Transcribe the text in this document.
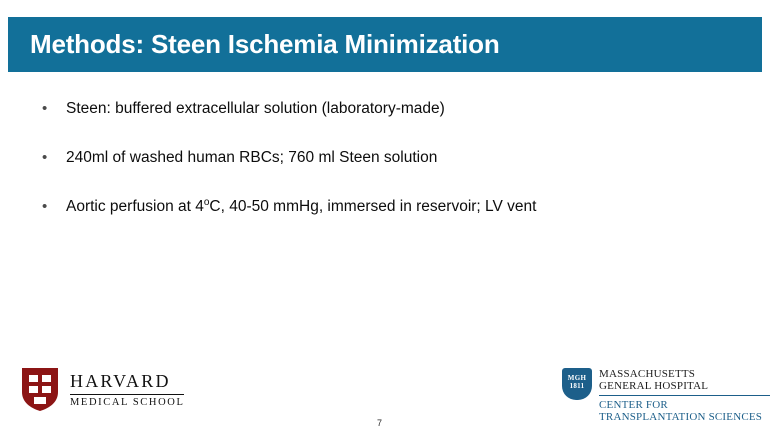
Methods: Steen Ischemia Minimization
•	Steen: buffered extracellular solution (laboratory-made)
•	240ml of washed human RBCs; 760 ml Steen solution
•	Aortic perfusion at 4$^o$C, 40-50 mmHg, immersed in reservoir; LV vent
HARVARD
MEDICAL SCHOOL
MGH
1811
MASSACHUSETTS
GENERAL HOSPITAL
CENTER FOR
TRANSPLANTATION SCIENCES
7
